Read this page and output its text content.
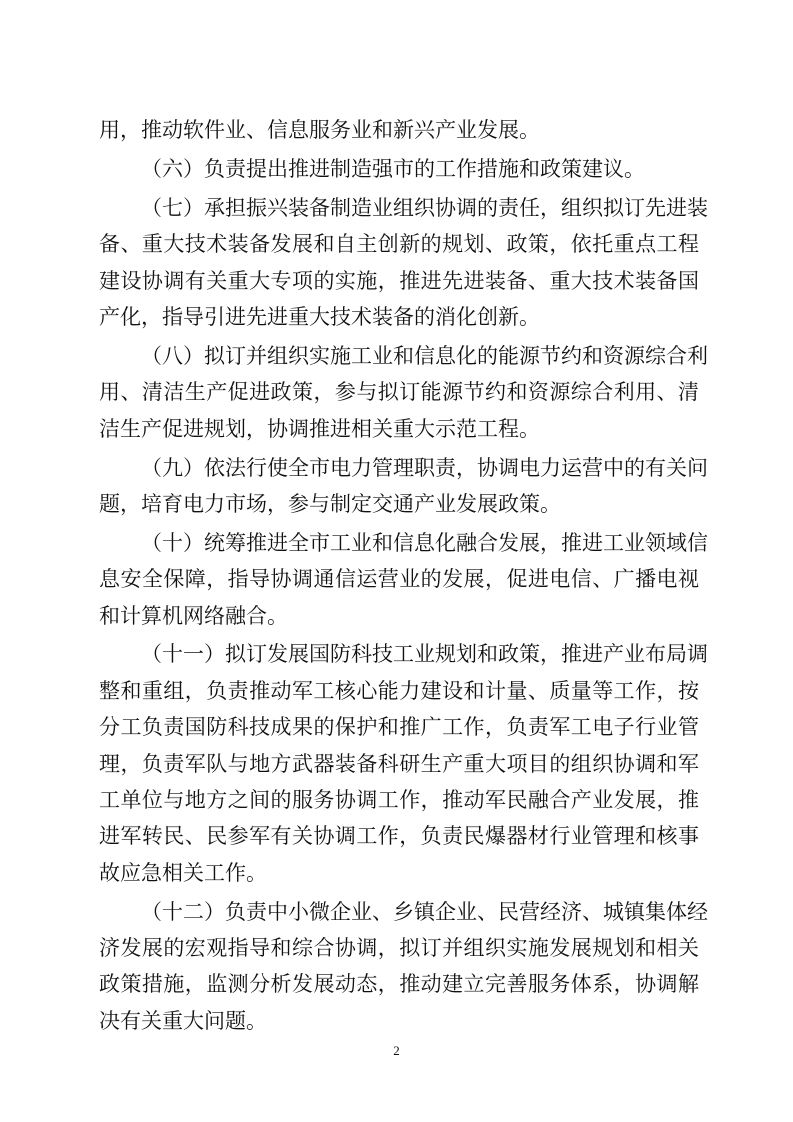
用，推动软件业、信息服务业和新兴产业发展。
（六）负责提出推进制造强市的工作措施和政策建议。
（七）承担振兴装备制造业组织协调的责任，组织拟订先进装
备、重大技术装备发展和自主创新的规划、政策，依托重点工程
建设协调有关重大专项的实施，推进先进装备、重大技术装备国
产化，指导引进先进重大技术装备的消化创新。
（八）拟订并组织实施工业和信息化的能源节约和资源综合利
用、清洁生产促进政策，参与拟订能源节约和资源综合利用、清
洁生产促进规划，协调推进相关重大示范工程。
（九）依法行使全市电力管理职责，协调电力运营中的有关问
题，培育电力市场，参与制定交通产业发展政策。
（十）统筹推进全市工业和信息化融合发展，推进工业领域信
息安全保障，指导协调通信运营业的发展，促进电信、广播电视
和计算机网络融合。
（十一）拟订发展国防科技工业规划和政策，推进产业布局调
整和重组，负责推动军工核心能力建设和计量、质量等工作，按
分工负责国防科技成果的保护和推广工作，负责军工电子行业管
理，负责军队与地方武器装备科研生产重大项目的组织协调和军
工单位与地方之间的服务协调工作，推动军民融合产业发展，推
进军转民、民参军有关协调工作，负责民爆器材行业管理和核事
故应急相关工作。
（十二）负责中小微企业、乡镇企业、民营经济、城镇集体经
济发展的宏观指导和综合协调，拟订并组织实施发展规划和相关
政策措施，监测分析发展动态，推动建立完善服务体系，协调解
决有关重大问题。
2
